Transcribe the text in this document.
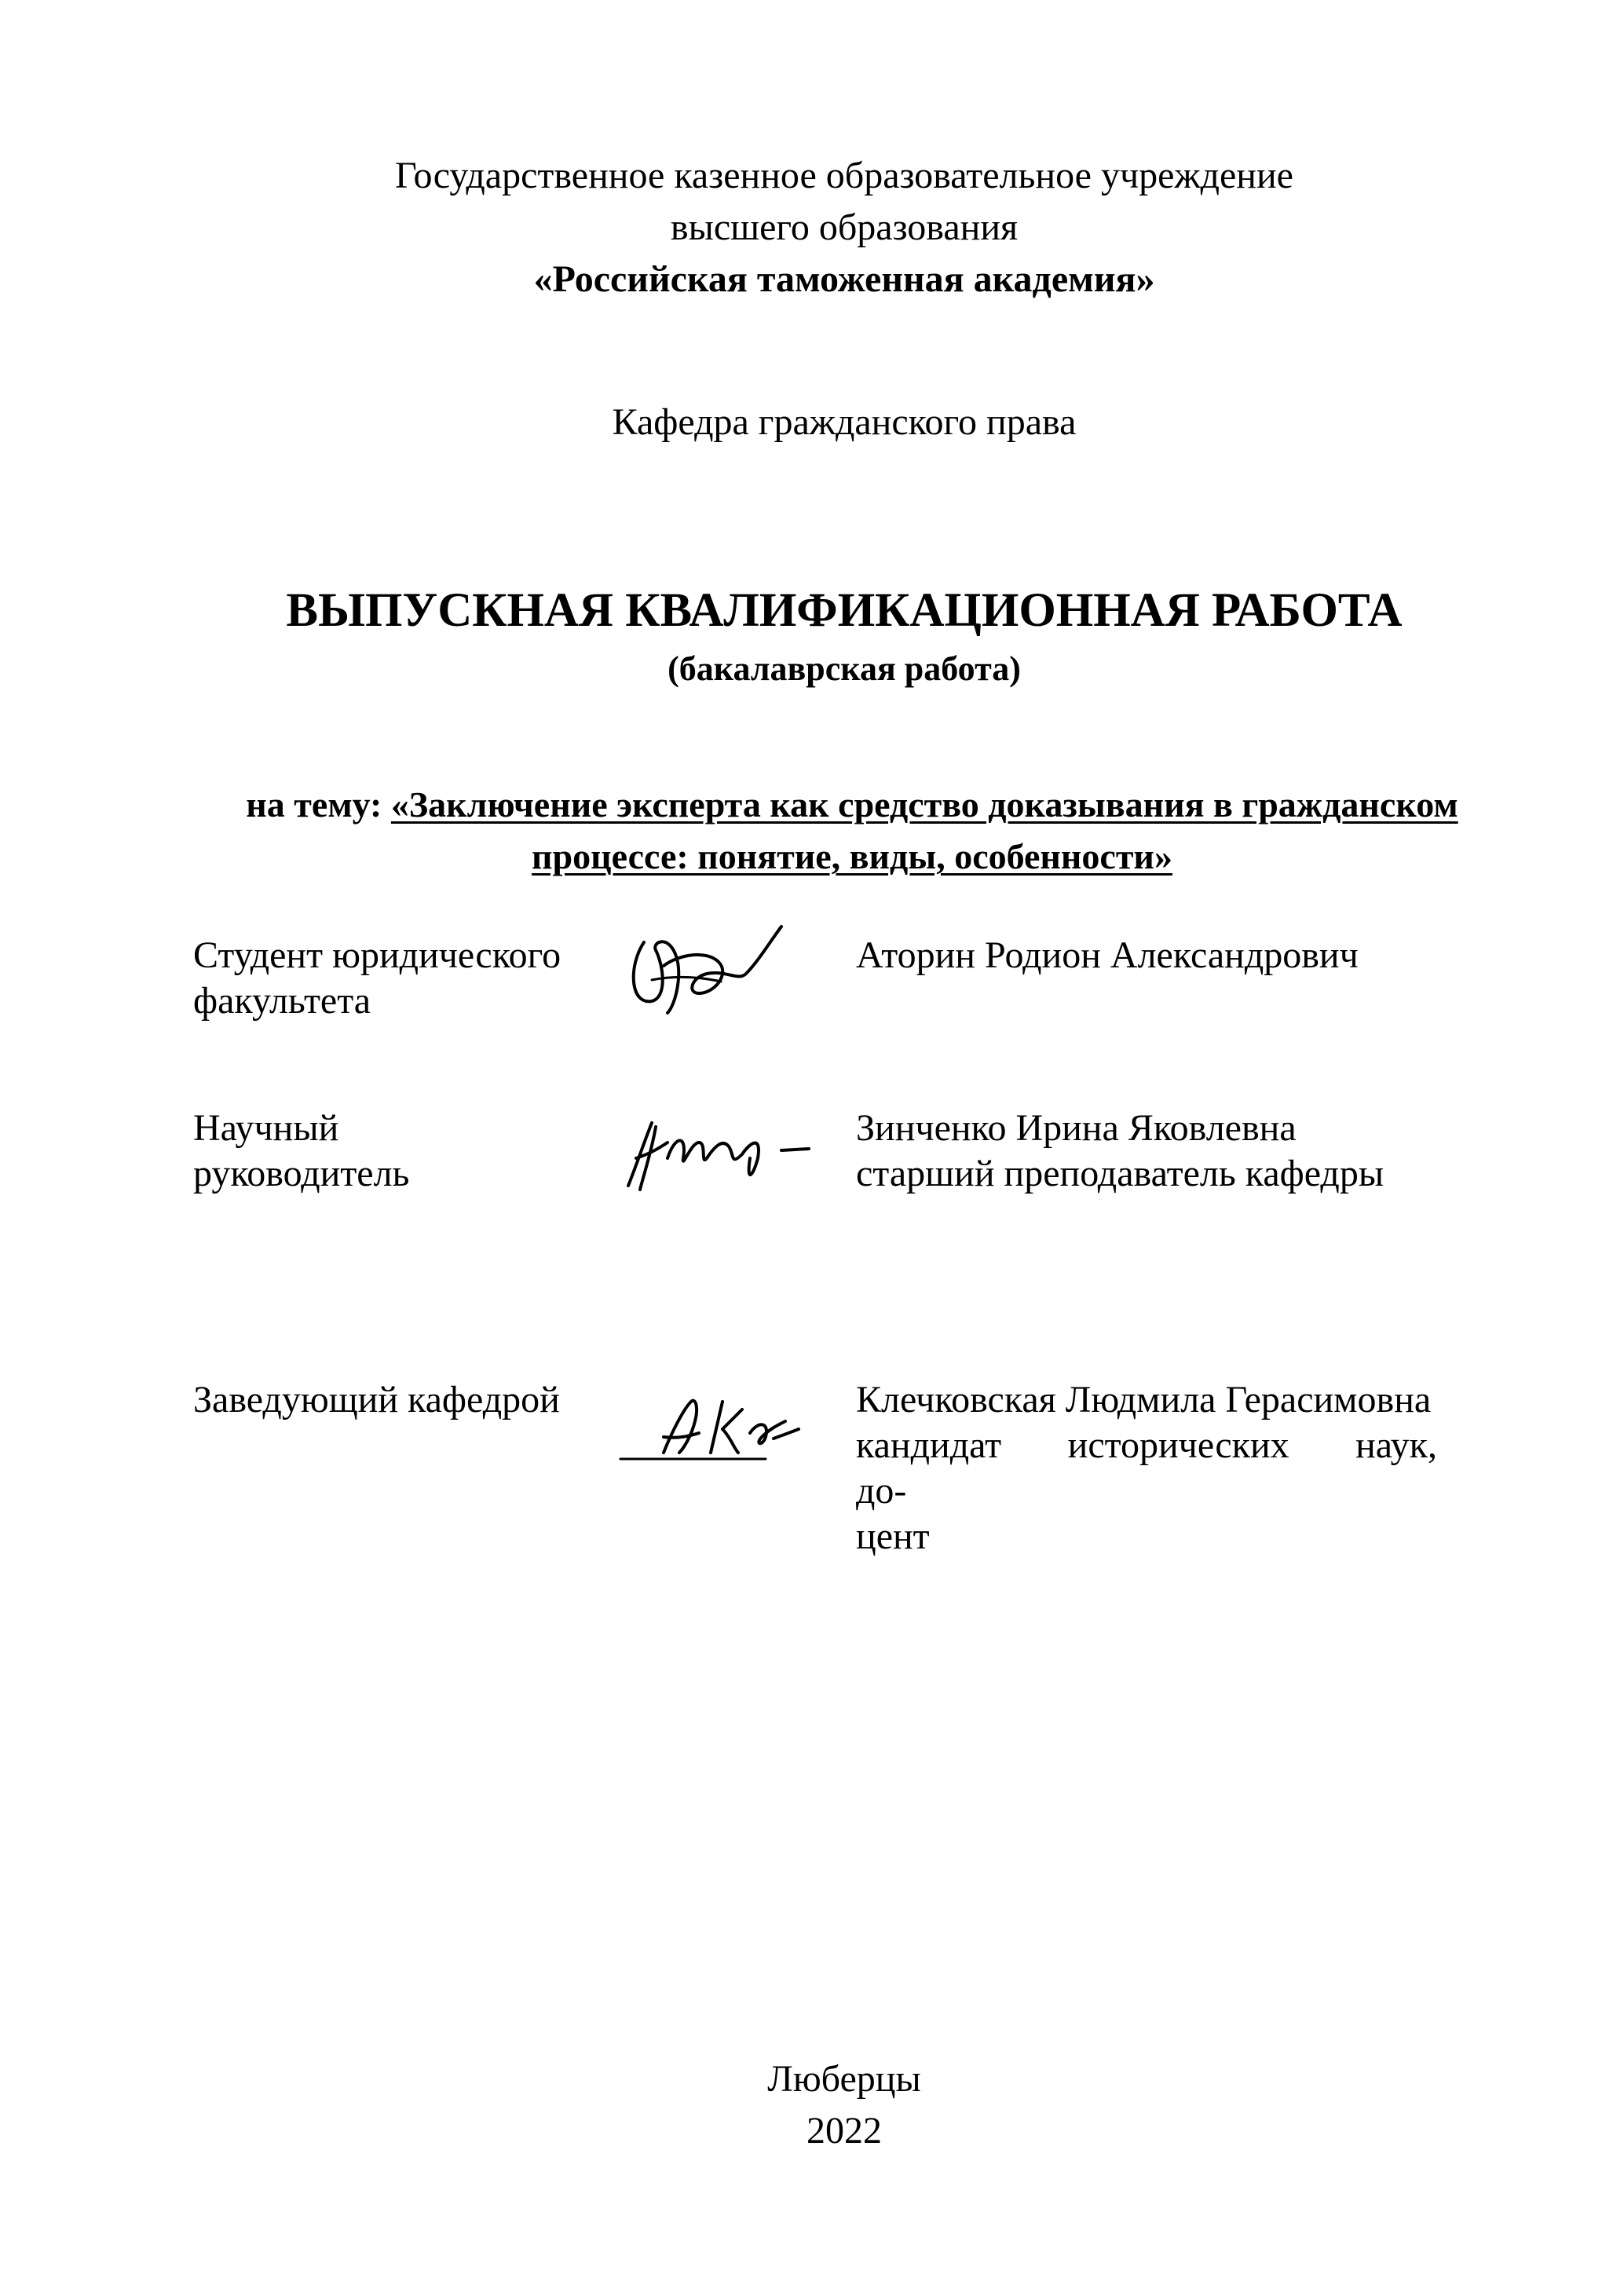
Государственное казенное образовательное учреждение
высшего образования
«Российская таможенная академия»
Кафедра гражданского права
ВЫПУСКНАЯ КВАЛИФИКАЦИОННАЯ РАБОТА
(бакалаврская работа)
на тему: «Заключение эксперта как средство доказывания в гражданском
процессе: понятие, виды, особенности»
Студент юридического
факультета
Аторин Родион Александрович
Научный
руководитель
Зинченко Ирина Яковлевна
старший преподаватель кафедры
Заведующий кафедрой	Клечковская Людмила Герасимовна
кандидат исторических наук, до-
цент
Люберцы
2022
